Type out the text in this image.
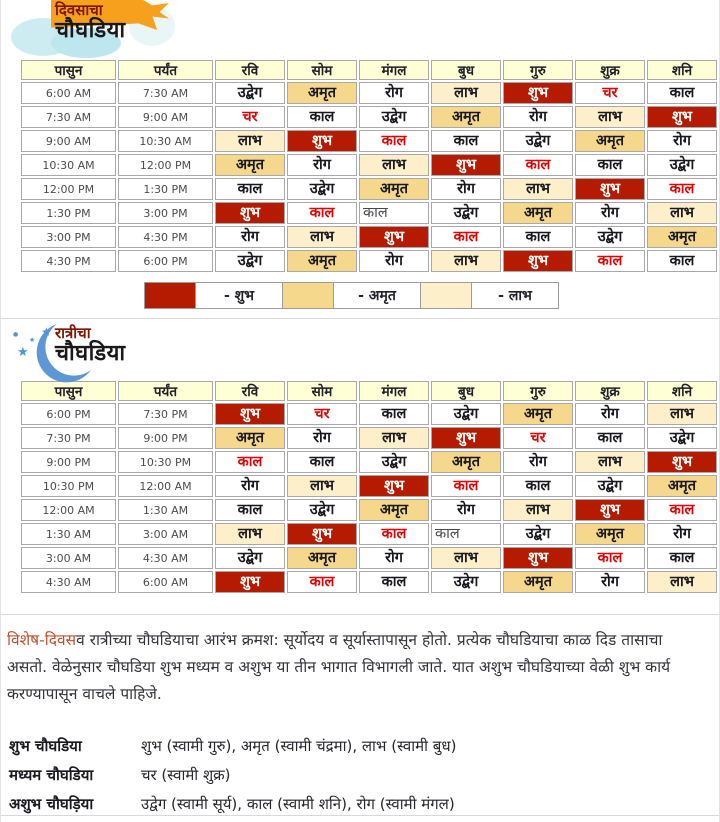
दिवसाचा
चौघडिया
पासुन	पर्यंत	रवि	सोम	मंगल	बुध	गुरु	शुक्र	शनि
6:00 AM	7:30 AM	उद्बेग	अमृत	रोग	लाभ	शुभ	चर	काल
7:30 AM	9:00 AM	चर	काल	उद्बेग	अमृत	रोग	लाभ	शुभ
9:00 AM	10:30 AM	लाभ	शुभ	काल	काल	उद्बेग	अमृत	रोग
10:30 AM	12:00 PM	अमृत	रोग	लाभ	शुभ	काल	काल	उद्बेग
12:00 PM	1:30 PM	काल	उद्बेग	अमृत	रोग	लाभ	शुभ	काल
1:30 PM	3:00 PM	शुभ	काल	काल	उद्बेग	अमृत	रोग	लाभ
3:00 PM	4:30 PM	रोग	लाभ	शुभ	काल	काल	उद्बेग	अमृत
4:30 PM	6:00 PM	उद्बेग	अमृत	रोग	लाभ	शुभ	काल	काल
- शुभ	- अमृत	- लाभ
★
★
★
● रात्रीचा
चौघडिया
पासुन	पर्यंत	रवि	सोम	मंगल	बुध	गुरु	शुक्र	शनि
6:00 PM	7:30 PM	शुभ	चर	काल	उद्बेग	अमृत	रोग	लाभ
7:30 PM	9:00 PM	अमृत	रोग	लाभ	शुभ	चर	काल	उद्बेग
9:00 PM	10:30 PM	काल	काल	उद्बेग	अमृत	रोग	लाभ	शुभ
10:30 PM	12:00 AM	रोग	लाभ	शुभ	काल	काल	उद्बेग	अमृत
12:00 AM	1:30 AM	काल	उद्बेग	अमृत	रोग	लाभ	शुभ	काल
1:30 AM	3:00 AM	लाभ	शुभ	काल	काल	उद्बेग	अमृत	रोग
3:00 AM	4:30 AM	उद्बेग	अमृत	रोग	लाभ	शुभ	काल	काल
4:30 AM	6:00 AM	शुभ	काल	काल	उद्बेग	अमृत	रोग	लाभ

विशेष-दिवसव रात्रीच्या चौघडियाचा आरंभ क्रमश: सूर्योदय व सूर्यास्तापासून होतो. प्रत्येक चौघडियाचा काळ दिड तासाचा असतो. वेळेनुसार चौघडिया शुभ मध्यम व अशुभ या तीन भागात विभागली जाते. यात अशुभ चौघडियाच्या वेळी शुभ कार्य करण्यापासून वाचले पाहिजे.

शुभ चौघडिया	शुभ (स्वामी गुरु), अमृत (स्वामी चंद्रमा), लाभ (स्वामी बुध)
मध्यम चौघडिया	चर (स्वामी शुक्र)
अशुभ चौघड़िया	उद्वेग (स्वामी सूर्य), काल (स्वामी शनि), रोग (स्वामी मंगल)
